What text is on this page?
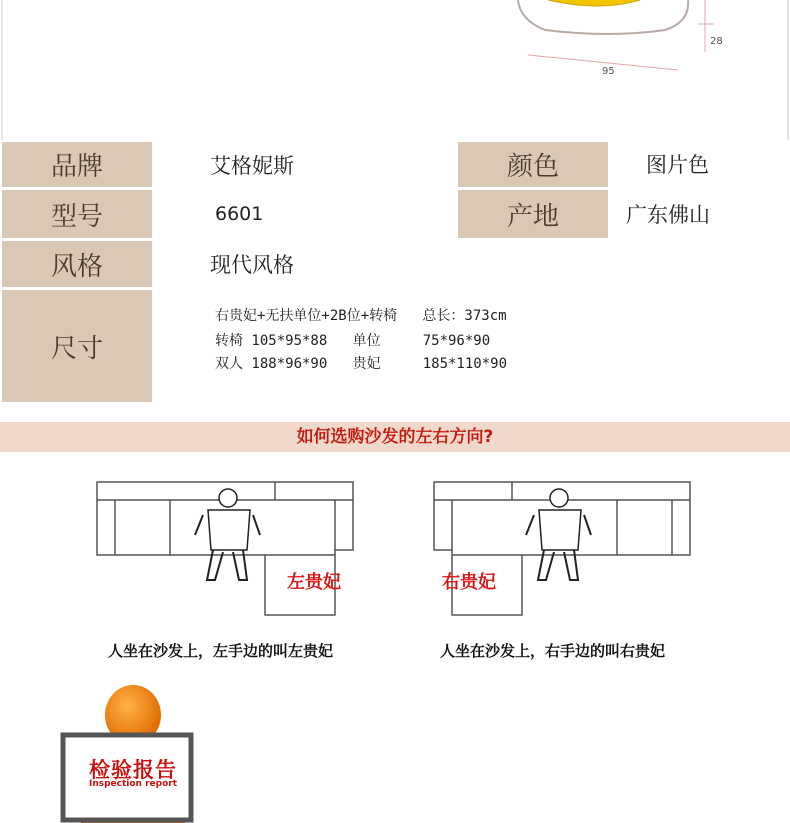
28
95
品牌	艾格妮斯	颜色	图片色
型号	6601	产地	广东佛山
风格	现代风格
尺寸
右贵妃+无扶单位+2B位+转椅   总长：373cm
转椅 105*95*88   单位     75*96*90
双人 188*96*90   贵妃     185*110*90
如何选购沙发的左右方向?
左贵妃
人坐在沙发上，左手边的叫左贵妃
右贵妃
人坐在沙发上，右手边的叫右贵妃
检验报告
Inspection report
